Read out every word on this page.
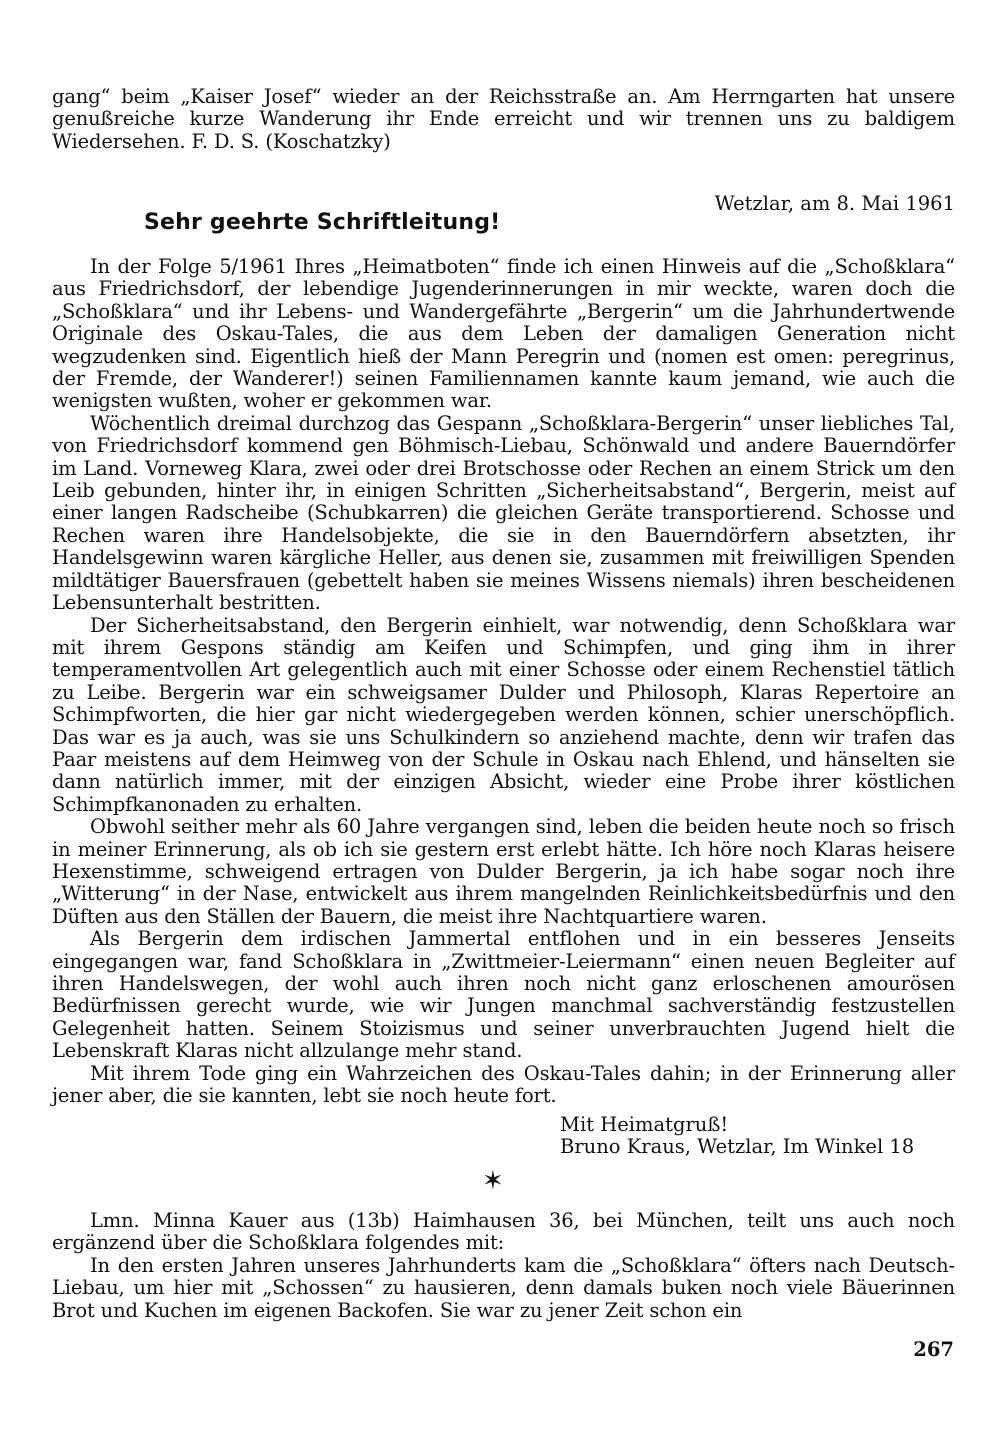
gang“ beim „Kaiser Josef“ wieder an der Reichsstraße an. Am Herrngarten hat unsere genußreiche kurze Wanderung ihr Ende erreicht und wir trennen uns zu baldigem Wiedersehen. F. D. S. (Koschatzky)

Wetzlar, am 8. Mai 1961
Sehr geehrte Schriftleitung!

In der Folge 5/1961 Ihres „Heimatboten“ finde ich einen Hinweis auf die „Schoßklara“ aus Friedrichsdorf, der lebendige Jugenderinnerungen in mir weckte, waren doch die „Schoßklara“ und ihr Lebens- und Wandergefährte „Bergerin“ um die Jahrhundertwende Originale des Oskau-Tales, die aus dem Leben der damaligen Generation nicht wegzudenken sind. Eigentlich hieß der Mann Peregrin und (nomen est omen: peregrinus, der Fremde, der Wanderer!) seinen Familiennamen kannte kaum jemand, wie auch die wenigsten wußten, woher er gekommen war.

Wöchentlich dreimal durchzog das Gespann „Schoßklara-Bergerin“ unser liebliches Tal, von Friedrichsdorf kommend gen Böhmisch-Liebau, Schönwald und andere Bauerndörfer im Land. Vorneweg Klara, zwei oder drei Brotschosse oder Rechen an einem Strick um den Leib gebunden, hinter ihr, in einigen Schritten „Sicherheitsabstand“, Bergerin, meist auf einer langen Radscheibe (Schubkarren) die gleichen Geräte transportierend. Schosse und Rechen waren ihre Handelsobjekte, die sie in den Bauerndörfern absetzten, ihr Handelsgewinn waren kärgliche Heller, aus denen sie, zusammen mit freiwilligen Spenden mildtätiger Bauersfrauen (gebettelt haben sie meines Wissens niemals) ihren bescheidenen Lebensunterhalt bestritten.

Der Sicherheitsabstand, den Bergerin einhielt, war notwendig, denn Schoßklara war mit ihrem Gespons ständig am Keifen und Schimpfen, und ging ihm in ihrer temperamentvollen Art gelegentlich auch mit einer Schosse oder einem Rechenstiel tätlich zu Leibe. Bergerin war ein schweigsamer Dulder und Philosoph, Klaras Repertoire an Schimpfworten, die hier gar nicht wiedergegeben werden können, schier unerschöpflich. Das war es ja auch, was sie uns Schulkindern so anziehend machte, denn wir trafen das Paar meistens auf dem Heimweg von der Schule in Oskau nach Ehlend, und hänselten sie dann natürlich immer, mit der einzigen Absicht, wieder eine Probe ihrer köstlichen Schimpfkanonaden zu erhalten.

Obwohl seither mehr als 60 Jahre vergangen sind, leben die beiden heute noch so frisch in meiner Erinnerung, als ob ich sie gestern erst erlebt hätte. Ich höre noch Klaras heisere Hexenstimme, schweigend ertragen von Dulder Bergerin, ja ich habe sogar noch ihre „Witterung“ in der Nase, entwickelt aus ihrem mangelnden Reinlichkeitsbedürfnis und den Düften aus den Ställen der Bauern, die meist ihre Nachtquartiere waren.

Als Bergerin dem irdischen Jammertal entflohen und in ein besseres Jenseits eingegangen war, fand Schoßklara in „Zwittmeier-Leiermann“ einen neuen Begleiter auf ihren Handelswegen, der wohl auch ihren noch nicht ganz erloschenen amourösen Bedürfnissen gerecht wurde, wie wir Jungen manchmal sachverständig festzustellen Gelegenheit hatten. Seinem Stoizismus und seiner unverbrauchten Jugend hielt die Lebenskraft Klaras nicht allzulange mehr stand.

Mit ihrem Tode ging ein Wahrzeichen des Oskau-Tales dahin; in der Erinnerung aller jener aber, die sie kannten, lebt sie noch heute fort.

Mit Heimatgruß!
Bruno Kraus, Wetzlar, Im Winkel 18

✶

Lmn. Minna Kauer aus (13b) Haimhausen 36, bei München, teilt uns auch noch ergänzend über die Schoßklara folgendes mit:

In den ersten Jahren unseres Jahrhunderts kam die „Schoßklara“ öfters nach Deutsch-Liebau, um hier mit „Schossen“ zu hausieren, denn damals buken noch viele Bäuerinnen Brot und Kuchen im eigenen Backofen. Sie war zu jener Zeit schon ein

267
